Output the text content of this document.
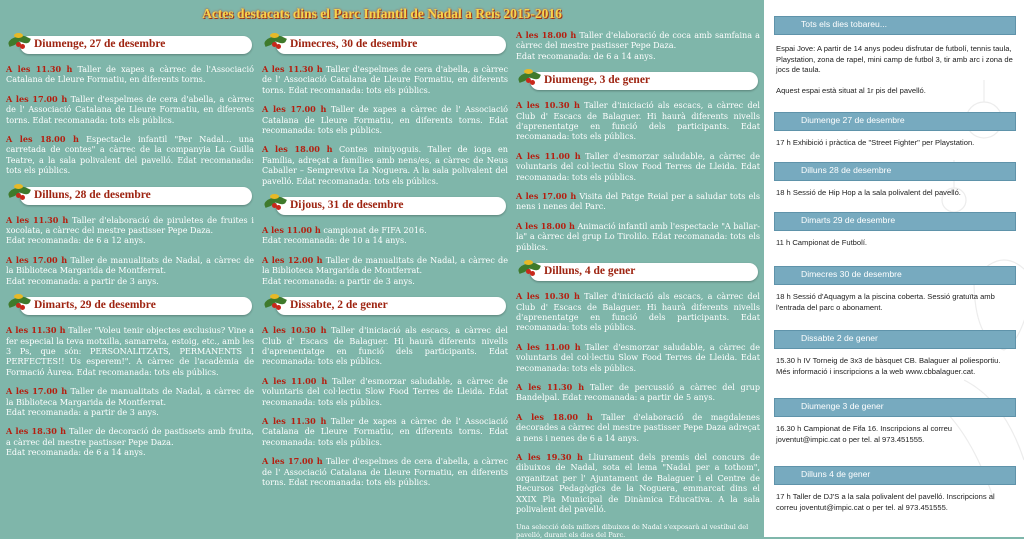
Actes destacats dins el Parc Infantil de Nadal a Reis 2015-2016
Diumenge, 27 de desembre
A les 11.30 h Taller de xapes a càrrec de l'Associació Catalana de Lleure Formatiu, en diferents torns.
A les 17.00 h Taller d'espelmes de cera d'abella, a càrrec de l' Associació Catalana de Lleure Formatiu, en diferents torns. Edat recomanada: tots els públics.
A les 18.00 h Espectacle infantil "Per Nadal... una carretada de contes" a càrrec de la companyia La Guilla Teatre, a la sala polivalent del pavelló. Edat recomanada: tots els públics.
Dilluns, 28 de desembre
A les 11.30 h Taller d'elaboració de piruletes de fruites i xocolata, a càrrec del mestre pastisser Pepe Daza.
Edat recomanada: de 6 a 12 anys.
A les 17.00 h Taller de manualitats de Nadal, a càrrec de la Biblioteca Margarida de Montferrat.
Edat recomanada: a partir de 3 anys.
Dimarts, 29 de desembre
A les 11.30 h Taller "Voleu tenir objectes exclusius? Vine a fer especial la teva motxilla, samarreta, estoig, etc., amb les 3 Ps, que són: PERSONALITZATS, PERMANENTS I PERFECTES!! Us esperem!". A càrrec de l'acadèmia de Formació Àurea. Edat recomanada: tots els públics.
A les 17.00 h Taller de manualitats de Nadal, a càrrec de la Biblioteca Margarida de Montferrat.
Edat recomanada: a partir de 3 anys.
A les 18.30 h Taller de decoració de pastissets amb fruita, a càrrec del mestre pastisser Pepe Daza.
Edat recomanada: de 6 a 14 anys.
Dimecres, 30 de desembre
A les 11.30 h Taller d'espelmes de cera d'abella, a càrrec de l' Associació Catalana de Lleure Formatiu, en diferents torns. Edat recomanada: tots els públics.
A les 17.00 h Taller de xapes a càrrec de l' Associació Catalana de Lleure Formatiu, en diferents torns. Edat recomanada: tots els públics.
A les 18.00 h Contes miniyoguis. Taller de ioga en Família, adreçat a famílies amb nens/es, a càrrec de Neus Caballer – Sempreviva La Noguera. A la sala polivalent del pavelló. Edat recomanada: tots els públics.
Dijous, 31 de desembre
A les 11.00 h campionat de FIFA 2016.
Edat recomanada: de 10 a 14 anys.
A les 12.00 h Taller de manualitats de Nadal, a càrrec de la Biblioteca Margarida de Montferrat.
Edat recomanada: a partir de 3 anys.
Dissabte, 2 de gener
A les 10.30 h Taller d'iniciació als escacs, a càrrec del Club d' Escacs de Balaguer. Hi haurà diferents nivells d'aprenentatge en funció dels participants. Edat recomanada: tots els públics.
A les 11.00 h Taller d'esmorzar saludable, a càrrec de voluntaris del col·lectiu Slow Food Terres de Lleida. Edat recomanada: tots els públics.
A les 11.30 h Taller de xapes a càrrec de l' Associació Catalana de Lleure Formatiu, en diferents torns. Edat recomanada: tots els públics.
A les 17.00 h Taller d'espelmes de cera d'abella, a càrrec de l' Associació Catalana de Lleure Formatiu, en diferents torns. Edat recomanada: tots els públics.
A les 18.00 h Taller d'elaboració de coca amb samfaina a càrrec del mestre pastisser Pepe Daza.
Edat recomanada: de 6 a 14 anys.
Diumenge, 3 de gener
A les 10.30 h Taller d'iniciació als escacs, a càrrec del Club d' Escacs de Balaguer. Hi haurà diferents nivells d'aprenentatge en funció dels participants. Edat recomanada: tots els públics.
A les 11.00 h Taller d'esmorzar saludable, a càrrec de voluntaris del col·lectiu Slow Food Terres de Lleida. Edat recomanada: tots els públics.
A les 17.00 h Visita del Patge Reial per a saludar tots els nens i nenes del Parc.
A les 18.00 h Animació infantil amb l'espectacle "A ballar-la" a càrrec del grup Lo Tirolilo. Edat recomanada: tots els públics.
Dilluns, 4 de gener
A les 10.30 h Taller d'iniciació als escacs, a càrrec del Club d' Escacs de Balaguer. Hi haurà diferents nivells d'aprenentatge en funció dels participants. Edat recomanada: tots els públics.
A les 11.00 h Taller d'esmorzar saludable, a càrrec de voluntaris del col·lectiu Slow Food Terres de Lleida. Edat recomanada: tots els públics.
A les 11.30 h Taller de percussió a càrrec del grup Bandelpal. Edat recomanada: a partir de 5 anys.
A les 18.00 h Taller d'elaboració de magdalenes decorades a càrrec del mestre pastisser Pepe Daza adreçat a nens i nenes de 6 a 14 anys.
A les 19.30 h Lliurament dels premis del concurs de dibuixos de Nadal, sota el lema "Nadal per a tothom", organitzat per l' Ajuntament de Balaguer i el Centre de Recursos Pedagògics de la Noguera, emmarcat dins el XXIX Pla Municipal de Dinàmica Educativa. A la sala polivalent del pavelló.
Una selecció dels millors dibuixos de Nadal s'exposarà al vestíbul del pavelló, durant els dies del Parc.
Tots els dies tobareu...
Espai Jove: A partir de 14 anys podeu disfrutar de futbolí, tennis taula, Playstation, zona de rapel, mini camp de futbol 3, tir amb arc i zona de jocs de taula.

Aquest espai està situat al 1r pis del pavelló.
Diumenge 27 de desembre
17 h Exhibició i pràctica de "Street Fighter" per Playstation.
Dilluns 28 de desembre
18 h Sessió de Hip Hop a la sala polivalent del pavelló.
Dimarts 29 de desembre
11 h Campionat de Futbolí.
Dimecres 30 de desembre
18 h Sessió d'Aquagym a la piscina coberta. Sessió gratuïta amb l'entrada del parc o abonament.
Dissabte 2 de gener
15.30 h IV Torneig de 3x3 de bàsquet CB. Balaguer al poliesportiu. Més informació i inscripcions a la web www.cbbalaguer.cat.
Diumenge 3 de gener
16.30 h Campionat de Fifa 16. Inscripcions al correu joventut@impic.cat o per tel. al 973.451555.
Dilluns 4 de gener
17 h Taller de DJ'S a la sala polivalent del pavelló. Inscripcions al correu joventut@impic.cat o per tel. al 973.451555.
